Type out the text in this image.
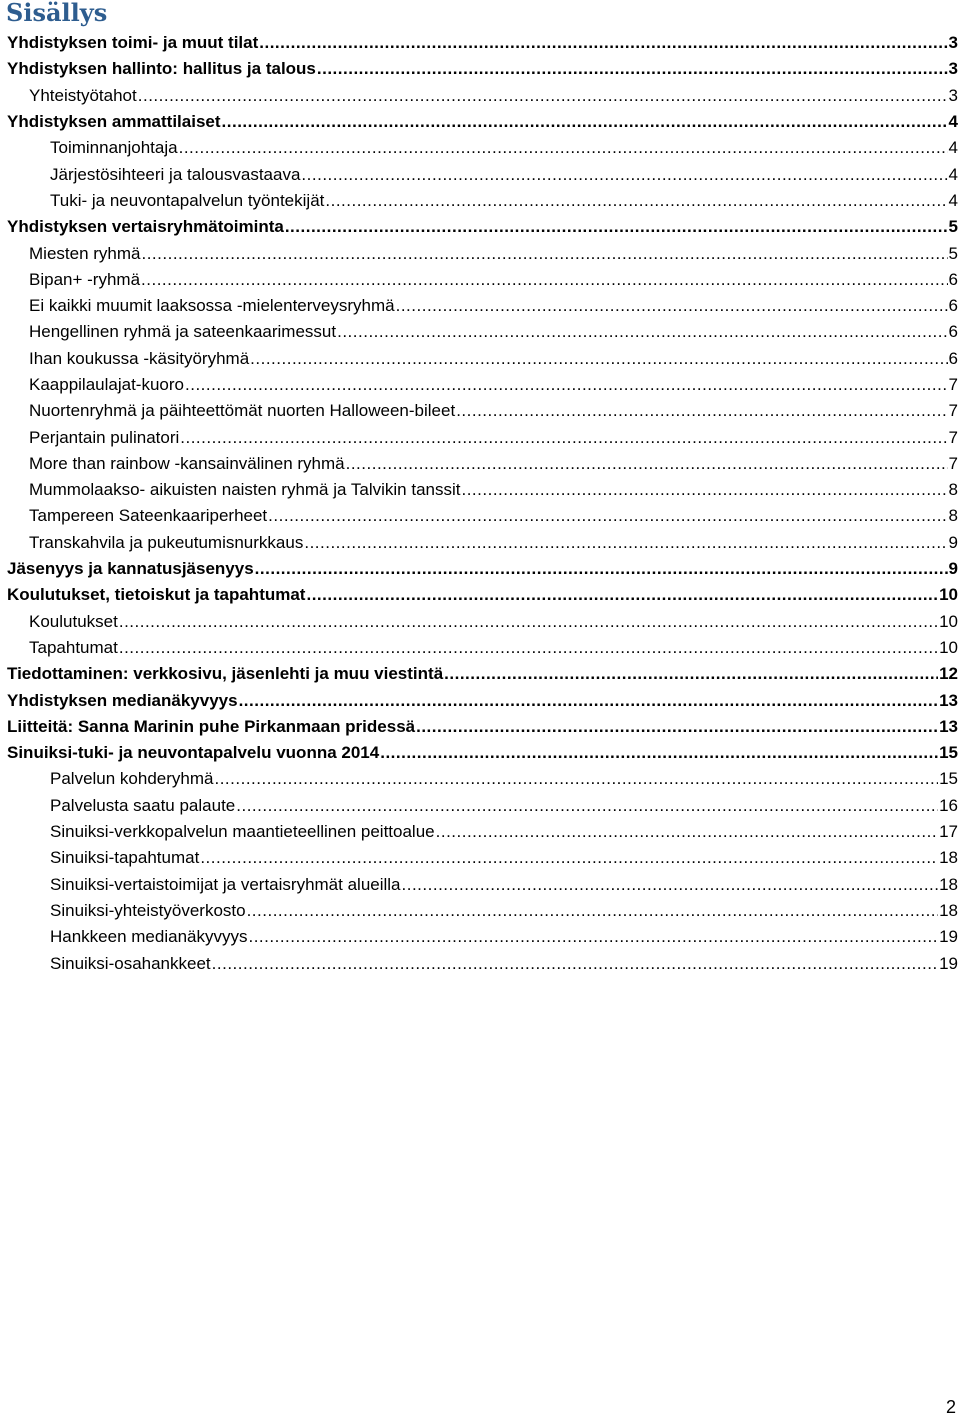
Sisällys
Yhdistyksen toimi- ja muut tilat .....	3
Yhdistyksen hallinto: hallitus ja talous .....	3
Yhteistyötahot .....	3
Yhdistyksen ammattilaiset .....	4
Toiminnanjohtaja .....	4
Järjestösihteeri ja talousvastaava .....	4
Tuki- ja neuvontapalvelun työntekijät .....	4
Yhdistyksen vertaisryhmätoiminta .....	5
Miesten ryhmä .....	5
Bipan+ -ryhmä .....	6
Ei kaikki muumit laaksossa -mielenterveysryhmä .....	6
Hengellinen ryhmä ja sateenkaarimessut .....	6
Ihan koukussa -käsityöryhmä .....	6
Kaappilaulajat-kuoro .....	7
Nuortenryhmä ja päihteettömät nuorten Halloween-bileet .....	7
Perjantain pulinatori .....	7
More than rainbow -kansainvälinen ryhmä .....	7
Mummolaakso- aikuisten naisten ryhmä ja Talvikin tanssit .....	8
Tampereen Sateenkaariperheet .....	8
Transkahvila ja pukeutumisnurkkaus .....	9
Jäsenyys ja kannatusjäsenyys .....	9
Koulutukset, tietoiskut ja tapahtumat .....	10
Koulutukset .....	10
Tapahtumat .....	10
Tiedottaminen: verkkosivu, jäsenlehti ja muu viestintä .....	12
Yhdistyksen medianäkyvyys .....	13
Liitteitä: Sanna Marinin puhe Pirkanmaan pridessä .....	13
Sinuiksi-tuki- ja neuvontapalvelu vuonna 2014 .....	15
Palvelun kohderyhmä .....	15
Palvelusta saatu palaute .....	16
Sinuiksi-verkkopalvelun maantieteellinen peittoalue .....	17
Sinuiksi-tapahtumat .....	18
Sinuiksi-vertaistoimijat ja vertaisryhmät alueilla .....	18
Sinuiksi-yhteistyöverkosto .....	18
Hankkeen medianäkyvyys .....	19
Sinuiksi-osahankkeet .....	19
2
